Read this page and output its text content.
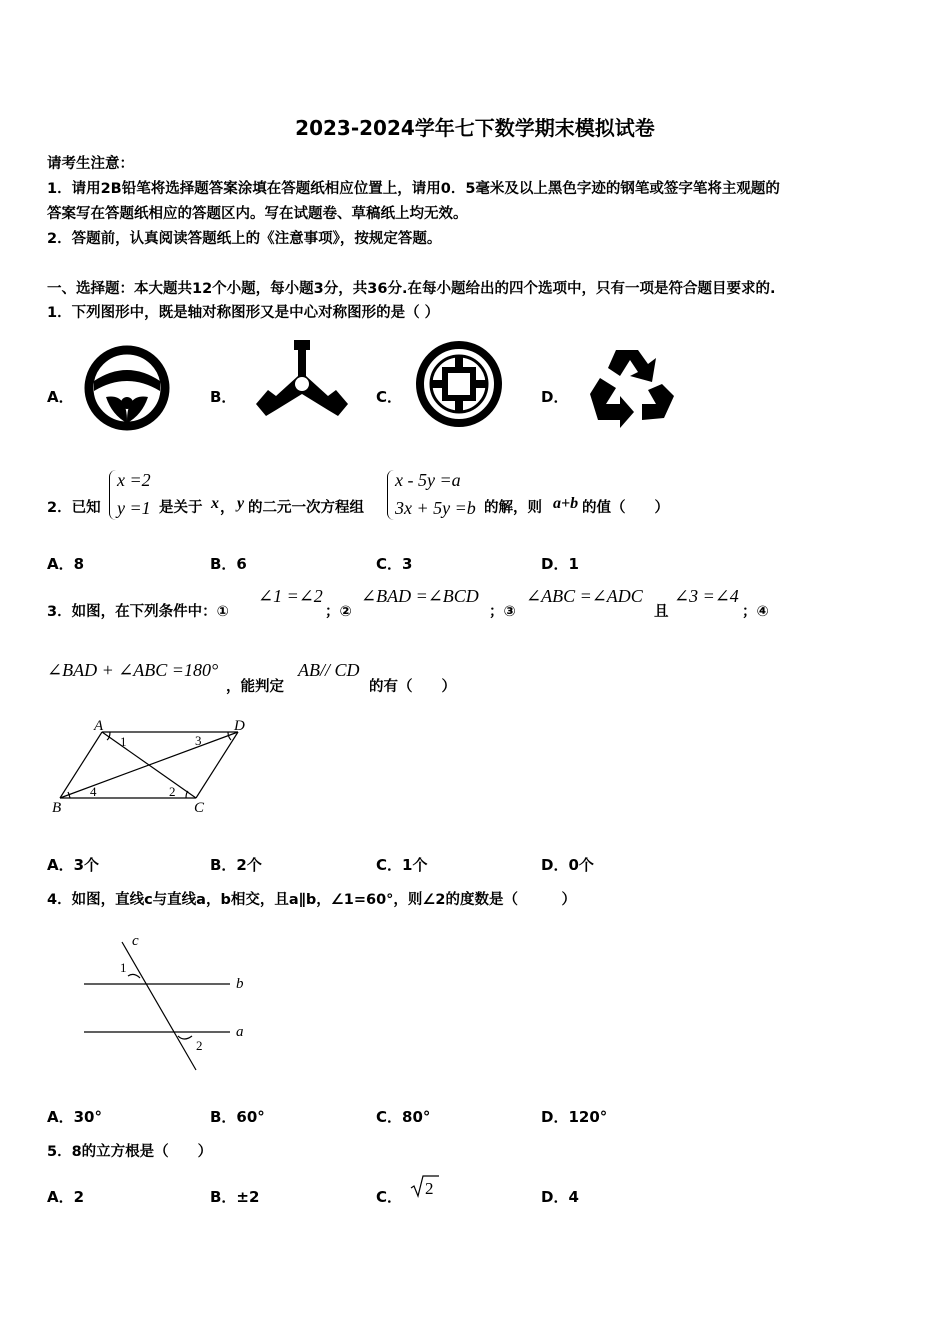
2023-2024学年七下数学期末模拟试卷
请考生注意：
1．请用2B铅笔将选择题答案涂填在答题纸相应位置上，请用0．5毫米及以上黑色字迹的钢笔或签字笔将主观题的
答案写在答题纸相应的答题区内。写在试题卷、草稿纸上均无效。
2．答题前，认真阅读答题纸上的《注意事项》，按规定答题。
一、选择题：本大题共12个小题，每小题3分，共36分.在每小题给出的四个选项中，只有一项是符合题目要求的.
1．下列图形中，既是轴对称图形又是中心对称图形的是（ ）
A．	B．	C．	D．
2．已知
x =2
y =1 是关于 x ， y 的二元一次方程组
x - 5y =a
3x + 5y =b 的解，则 a+b 的值（　　）
A．8	B．6	C．3	D．1
3．如图，在下列条件中：①
∠1 =∠2
；②
∠BAD =∠BCD
；③
∠ABC =∠ADC
且
∠3 =∠4
；④
∠BAD + ∠ABC =180°
，能判定
AB// CD
的有（　　）
A	D
B	C
1	3
2
4
A．3个	B．2个	C．1个	D．0个
4．如图，直线c与直线a，b相交，且a∥b，∠1=60°，则∠2的度数是（　　　）
c
b
a
1
2
A．30°	B．60°	C．80°	D．120°
5．8的立方根是（　　）
A．2	B．±2	C． 2	D．4
